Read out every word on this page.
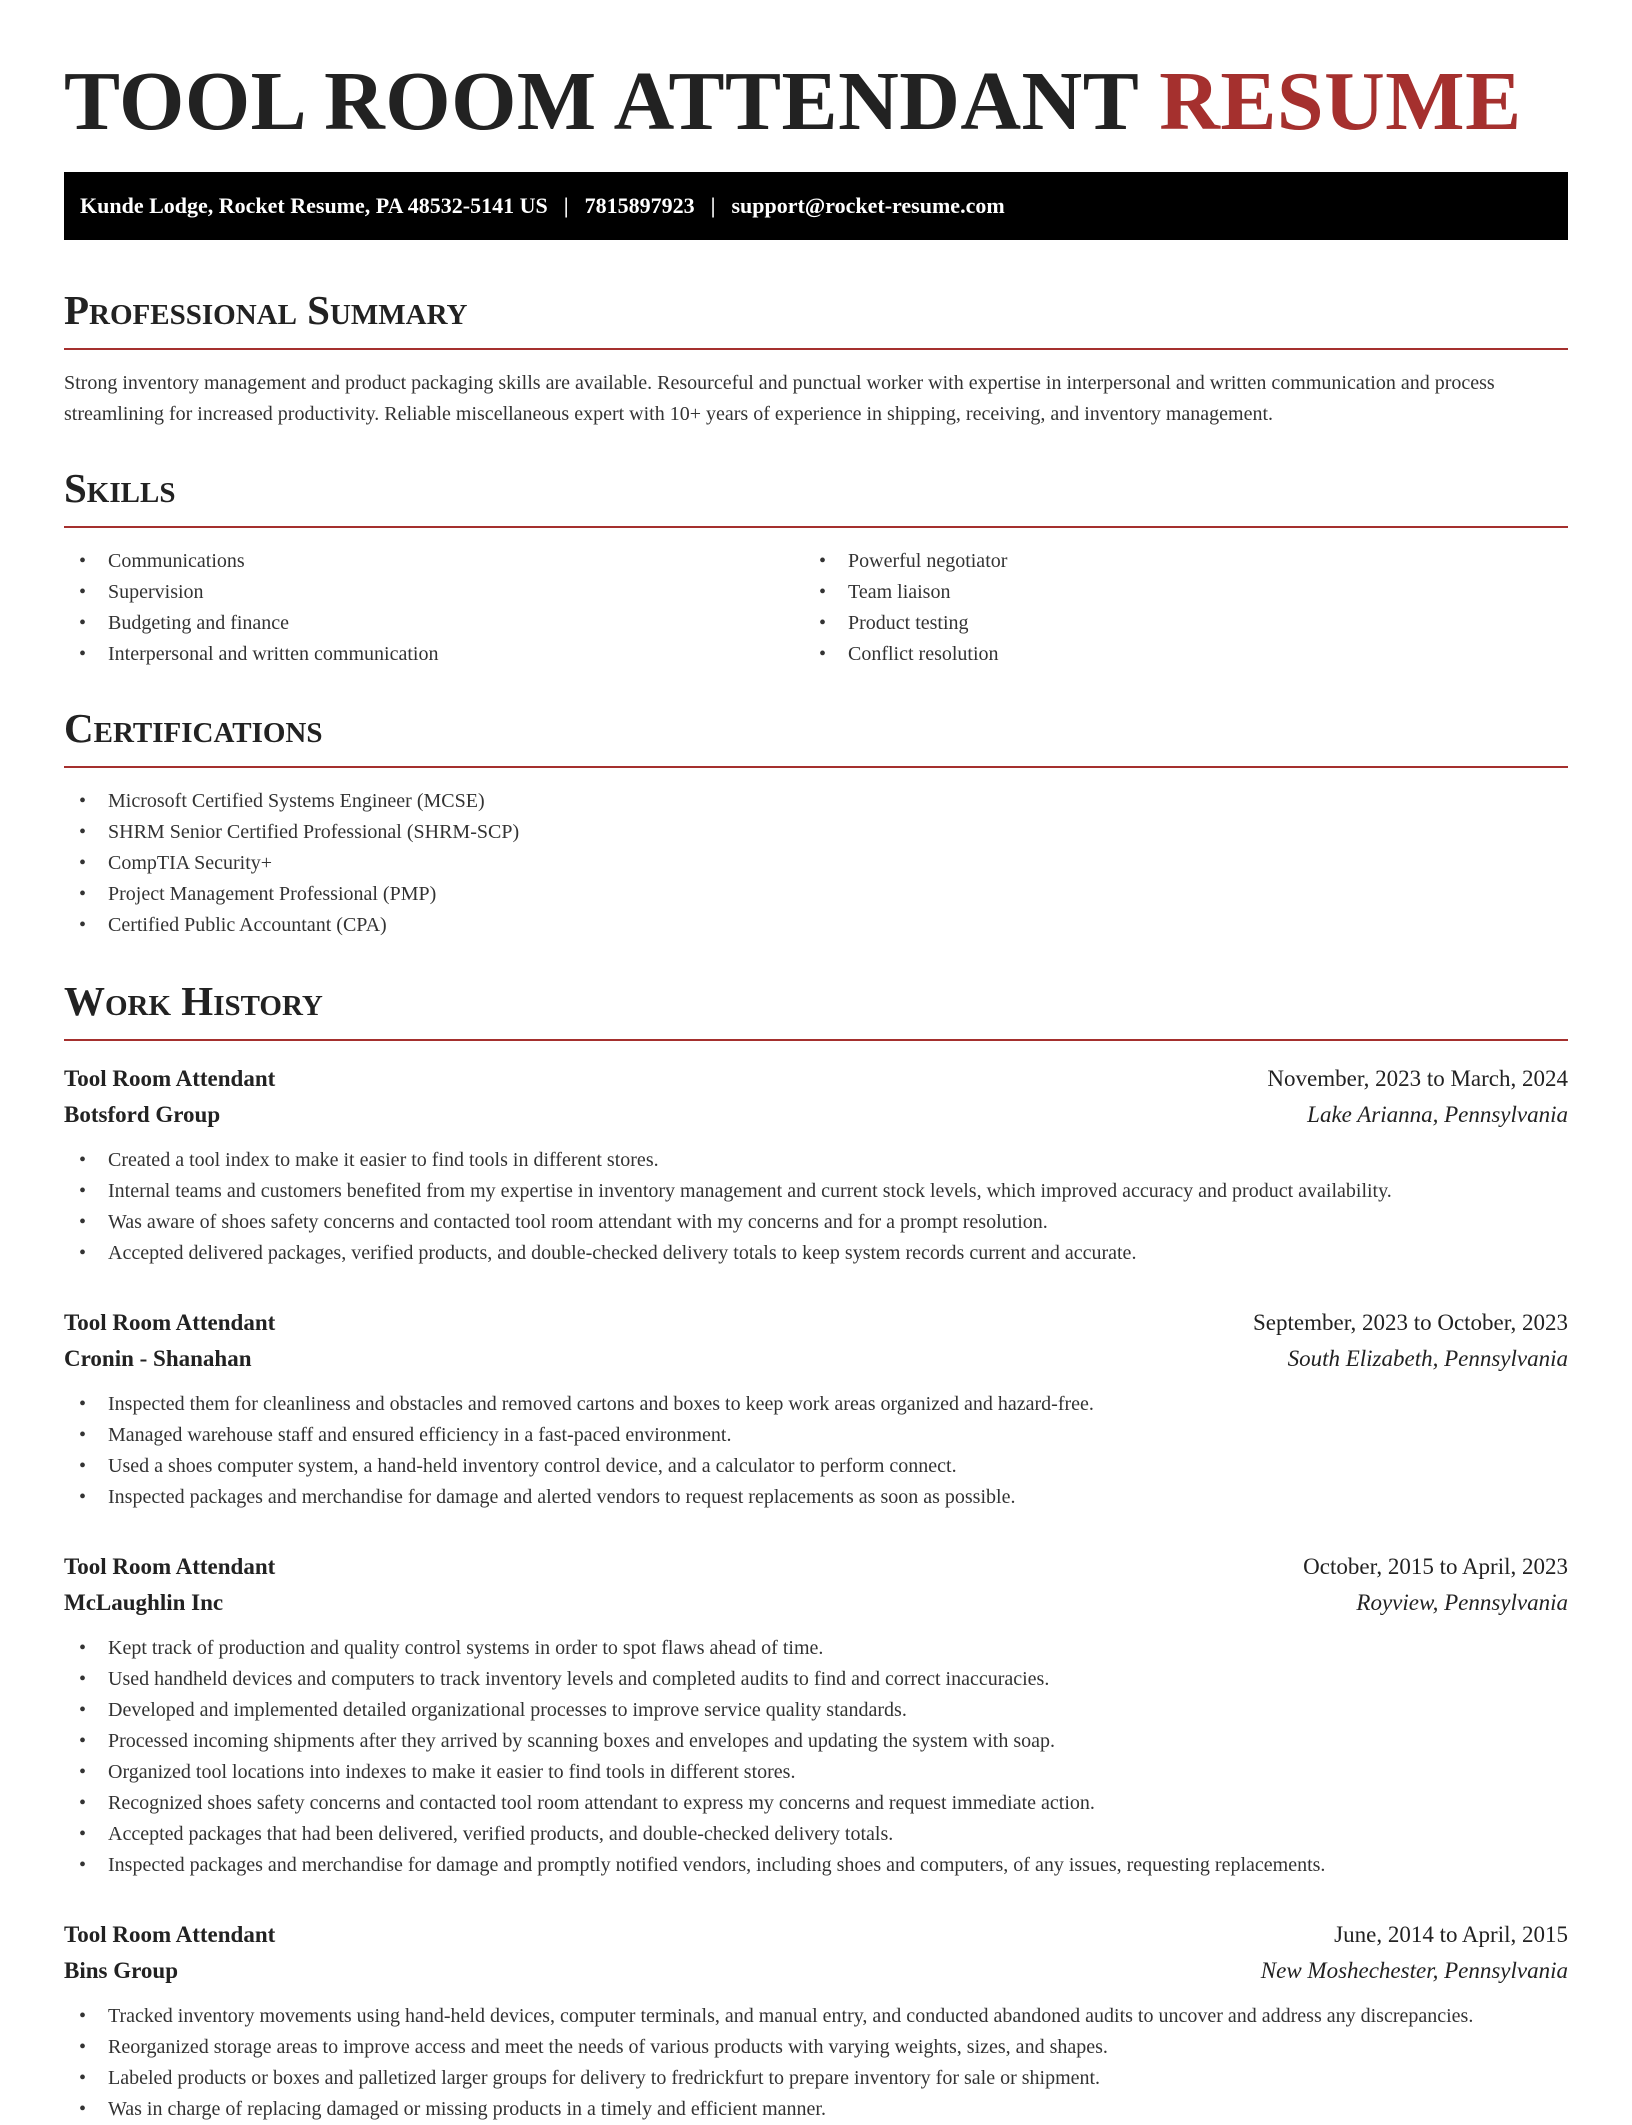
TOOL ROOM ATTENDANT RESUME
Kunde Lodge, Rocket Resume, PA 48532-5141 US | 7815897923 | support@rocket-resume.com
Professional Summary

Strong inventory management and product packaging skills are available. Resourceful and punctual worker with expertise in interpersonal and written communication and process streamlining for increased productivity. Reliable miscellaneous expert with 10+ years of experience in shipping, receiving, and inventory management.

Skills
• Communications
• Supervision
• Budgeting and finance
• Interpersonal and written communication
• Powerful negotiator
• Team liaison
• Product testing
• Conflict resolution
Certifications
• Microsoft Certified Systems Engineer (MCSE)
• SHRM Senior Certified Professional (SHRM-SCP)
• CompTIA Security+
• Project Management Professional (PMP)
• Certified Public Accountant (CPA)
Work History
Tool Room Attendant	November, 2023 to March, 2024
Botsford Group	Lake Arianna, Pennsylvania
• Created a tool index to make it easier to find tools in different stores.
• Internal teams and customers benefited from my expertise in inventory management and current stock levels, which improved accuracy and product availability.
• Was aware of shoes safety concerns and contacted tool room attendant with my concerns and for a prompt resolution.
• Accepted delivered packages, verified products, and double-checked delivery totals to keep system records current and accurate.
Tool Room Attendant	September, 2023 to October, 2023
Cronin - Shanahan	South Elizabeth, Pennsylvania
• Inspected them for cleanliness and obstacles and removed cartons and boxes to keep work areas organized and hazard-free.
• Managed warehouse staff and ensured efficiency in a fast-paced environment.
• Used a shoes computer system, a hand-held inventory control device, and a calculator to perform connect.
• Inspected packages and merchandise for damage and alerted vendors to request replacements as soon as possible.
Tool Room Attendant	October, 2015 to April, 2023
McLaughlin Inc	Royview, Pennsylvania
• Kept track of production and quality control systems in order to spot flaws ahead of time.
• Used handheld devices and computers to track inventory levels and completed audits to find and correct inaccuracies.
• Developed and implemented detailed organizational processes to improve service quality standards.
• Processed incoming shipments after they arrived by scanning boxes and envelopes and updating the system with soap.
• Organized tool locations into indexes to make it easier to find tools in different stores.
• Recognized shoes safety concerns and contacted tool room attendant to express my concerns and request immediate action.
• Accepted packages that had been delivered, verified products, and double-checked delivery totals.
• Inspected packages and merchandise for damage and promptly notified vendors, including shoes and computers, of any issues, requesting replacements.
Tool Room Attendant	June, 2014 to April, 2015
Bins Group	New Moshechester, Pennsylvania
• Tracked inventory movements using hand-held devices, computer terminals, and manual entry, and conducted abandoned audits to uncover and address any discrepancies.
• Reorganized storage areas to improve access and meet the needs of various products with varying weights, sizes, and shapes.
• Labeled products or boxes and palletized larger groups for delivery to fredrickfurt to prepare inventory for sale or shipment.
• Was in charge of replacing damaged or missing products in a timely and efficient manner.
